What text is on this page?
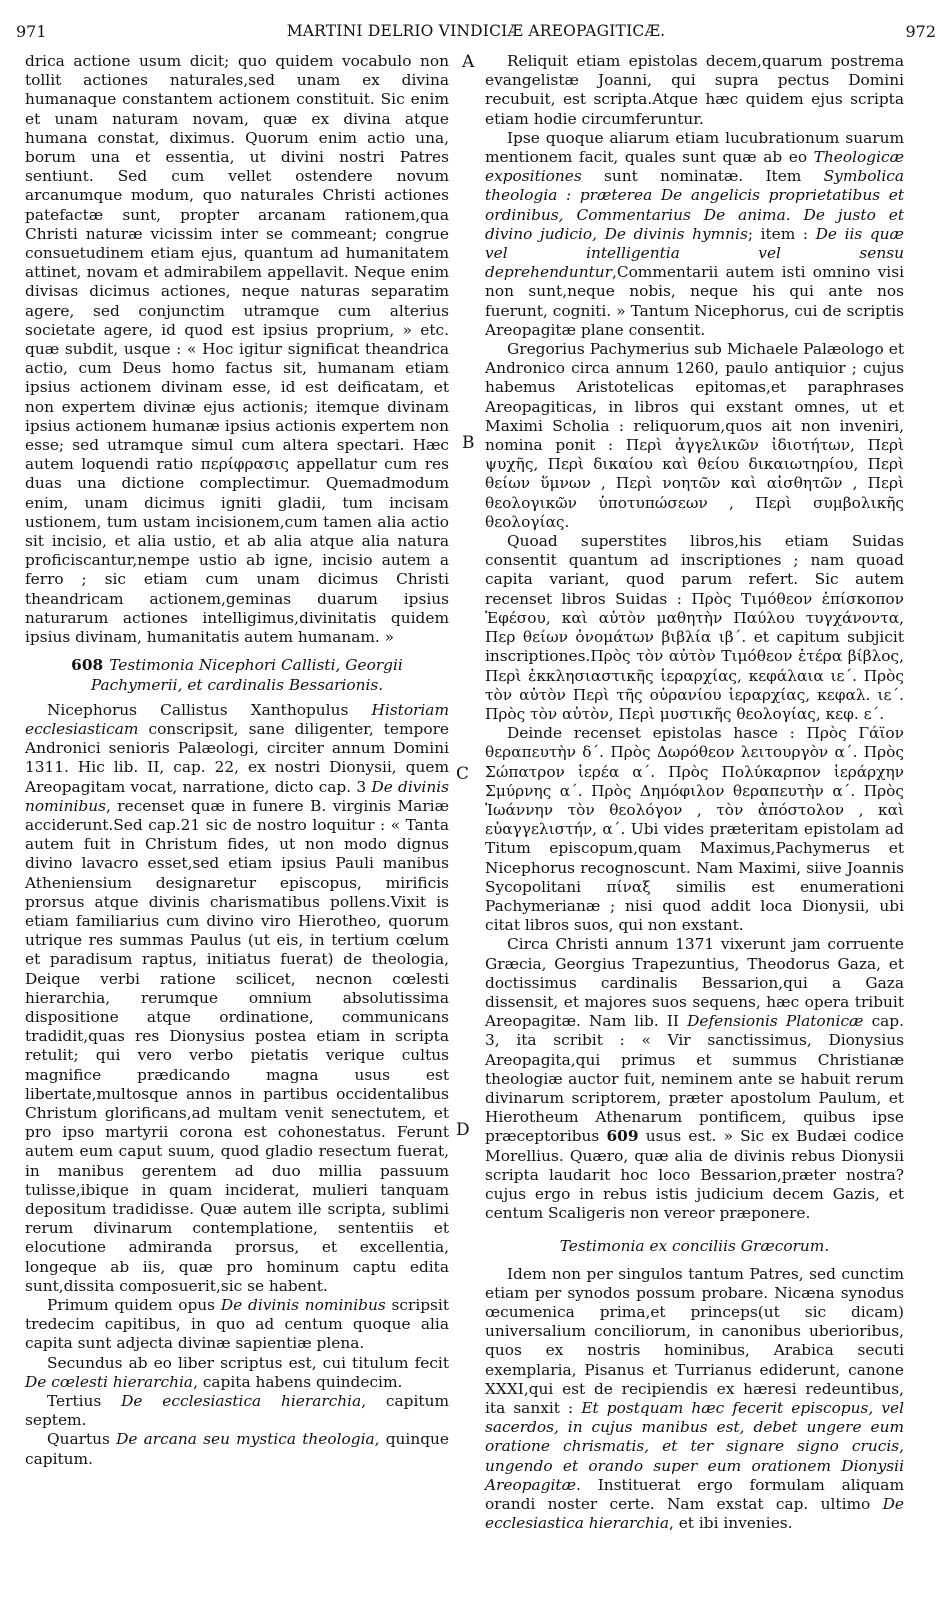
971	MARTINI DELRIO VINDICIÆ AREOPAGITICÆ.	972
A
B
C
D

drica actione usum dicit; quo quidem vocabulo non tollit actiones naturales,sed unam ex divina humanaque constantem actionem constituit. Sic enim et unam naturam novam, quæ ex divina atque humana constat, diximus. Quorum enim actio una, borum una et essentia, ut divini nostri Patres sentiunt. Sed cum vellet ostendere novum arcanumque modum, quo naturales Christi actiones patefactæ sunt, propter arcanam rationem,qua Christi naturæ vicissim inter se commeant; congrue consuetudinem etiam ejus, quantum ad humanitatem attinet, novam et admirabilem appellavit. Neque enim divisas dicimus actiones, neque naturas separatim agere, sed conjunctim utramque cum alterius societate agere, id quod est ipsius proprium, » etc. quæ subdit, usque : « Hoc igitur significat theandrica actio, cum Deus homo factus sit, humanam etiam ipsius actionem divinam esse, id est deificatam, et non expertem divinæ ejus actionis; itemque divinam ipsius actionem humanæ ipsius actionis expertem non esse; sed utramque simul cum altera spectari. Hæc autem loquendi ratio περίφρασις appellatur cum res duas una dictione complectimur. Quemadmodum enim, unam dicimus igniti gladii, tum incisam ustionem, tum ustam incisionem,cum tamen alia actio sit incisio, et alia ustio, et ab alia atque alia natura proficiscantur,nempe ustio ab igne, incisio autem a ferro ; sic etiam cum unam dicimus Christi theandricam actionem,geminas duarum ipsius naturarum actiones intelligimus,divinitatis quidem ipsius divinam, humanitatis autem humanam. »

608 Testimonia Nicephori Callisti, Georgii Pachymerii, et cardinalis Bessarionis.

Nicephorus Callistus Xanthopulus Historiam ecclesiasticam conscripsit, sane diligenter, tempore Andronici senioris Palæologi, circiter annum Domini 1311. Hic lib. II, cap. 22, ex nostri Dionysii, quem Areopagitam vocat, narratione, dicto cap. 3 De divinis nominibus, recenset quæ in funere B. virginis Mariæ acciderunt.Sed cap.21 sic de nostro loquitur : « Tanta autem fuit in Christum fides, ut non modo dignus divino lavacro esset,sed etiam ipsius Pauli manibus Atheniensium designaretur episcopus, mirificis prorsus atque divinis charismatibus pollens.Vixit is etiam familiarius cum divino viro Hierotheo, quorum utrique res summas Paulus (ut eis, in tertium cœlum et paradisum raptus, initiatus fuerat) de theologia, Deique verbi ratione scilicet, necnon cœlesti hierarchia, rerumque omnium absolutissima dispositione atque ordinatione, communicans tradidit,quas res Dionysius postea etiam in scripta retulit; qui vero verbo pietatis verique cultus magnifice prædicando magna usus est libertate,multosque annos in partibus occidentalibus Christum glorificans,ad multam venit senectutem, et pro ipso martyrii corona est cohonestatus. Ferunt autem eum caput suum, quod gladio resectum fuerat, in manibus gerentem ad duo millia passuum tulisse,ibique in quam inciderat, mulieri tanquam depositum tradidisse. Quæ autem ille scripta, sublimi rerum divinarum contemplatione, sententiis et elocutione admiranda prorsus, et excellentia, longeque ab iis, quæ pro hominum captu edita sunt,dissita composuerit,sic se habent.

Primum quidem opus De divinis nominibus scripsit tredecim capitibus, in quo ad centum quoque alia capita sunt adjecta divinæ sapientiæ plena.

Secundus ab eo liber scriptus est, cui titulum fecit De cœlesti hierarchia, capita habens quindecim.

Tertius De ecclesiastica hierarchia, capitum septem.

Quartus De arcana seu mystica theologia, quinque capitum.

Reliquit etiam epistolas decem,quarum postrema evangelistæ Joanni, qui supra pectus Domini recubuit, est scripta.Atque hæc quidem ejus scripta etiam hodie circumferuntur.

Ipse quoque aliarum etiam lucubrationum suarum mentionem facit, quales sunt quæ ab eo Theologicæ expositiones sunt nominatæ. Item Symbolica theologia : præterea De angelicis proprietatibus et ordinibus, Commentarius De anima. De justo et divino judicio, De divinis hymnis; item : De iis quæ vel intelligentia vel sensu deprehenduntur,Commentarii autem isti omnino visi non sunt,neque nobis, neque his qui ante nos fuerunt, cogniti. » Tantum Nicephorus, cui de scriptis Areopagitæ plane consentit.

Gregorius Pachymerius sub Michaele Palæologo et Andronico circa annum 1260, paulo antiquior ; cujus habemus Aristotelicas epitomas,et paraphrases Areopagiticas, in libros qui exstant omnes, ut et Maximi Scholia : reliquorum,quos ait non inveniri, nomina ponit : Περὶ ἀγγελικῶν ἰδιοτήτων, Περὶ ψυχῆς, Περὶ δικαίου καὶ θείου δικαιωτηρίου, Περὶ θείων ὕμνων , Περὶ νοητῶν καὶ αἰσθητῶν , Περὶ θεολογικῶν ὑποτυπώσεων , Περὶ συμβολικῆς θεολογίας.

Quoad superstites libros,his etiam Suidas consentit quantum ad inscriptiones ; nam quoad capita variant, quod parum refert. Sic autem recenset libros Suidas : Πρὸς Τιμόθεον ἐπίσκοπον Ἐφέσου, καὶ αὐτὸν μαθητὴν Παύλου τυγχάνοντα, Περ θείων ὀνομάτων βιβλία ιβ΄. et capitum subjicit inscriptiones.Πρὸς τὸν αὐτὸν Τιμόθεον ἑτέρα βίβλος, Περὶ ἐκκλησιαστικῆς ἱεραρχίας, κεφάλαια ιε΄. Πρὸς τὸν αὐτὸν Περὶ τῆς οὐρανίου ἱεραρχίας, κεφαλ. ιε΄. Πρὸς τὸν αὐτὸν, Περὶ μυστικῆς θεολογίας, κεφ. ε΄.

Deinde recenset epistolas hasce : Πρὸς Γάϊον θεραπευτὴν δ΄. Πρὸς Δωρόθεον λειτουργὸν α΄. Πρὸς Σώπατρον ἱερέα α΄. Πρὸς Πολύκαρπον ἱεράρχην Σμύρνης α΄. Πρὸς Δημόφιλον θεραπευτὴν α΄. Πρὸς Ἰωάννην τὸν θεολόγον , τὸν ἀπόστολον , καὶ εὐαγγελιστήν, α΄. Ubi vides præteritam epistolam ad Titum episcopum,quam Maximus,Pachymerus et Nicephorus recognoscunt. Nam Maximi, siive Joannis Sycopolitani πίναξ similis est enumerationi Pachymerianæ ; nisi quod addit loca Dionysii, ubi citat libros suos, qui non exstant.

Circa Christi annum 1371 vixerunt jam corruente Græcia, Georgius Trapezuntius, Theodorus Gaza, et doctissimus cardinalis Bessarion,qui a Gaza dissensit, et majores suos sequens, hæc opera tribuit Areopagitæ. Nam lib. II Defensionis Platonicæ cap. 3, ita scribit : « Vir sanctissimus, Dionysius Areopagita,qui primus et summus Christianæ theologiæ auctor fuit, neminem ante se habuit rerum divinarum scriptorem, præter apostolum Paulum, et Hierotheum Athenarum pontificem, quibus ipse præceptoribus 609 usus est. » Sic ex Budæi codice Morellius. Quæro, quæ alia de divinis rebus Dionysii scripta laudarit hoc loco Bessarion,præter nostra? cujus ergo in rebus istis judicium decem Gazis, et centum Scaligeris non vereor præponere.

Testimonia ex conciliis Græcorum.

Idem non per singulos tantum Patres, sed cunctim etiam per synodos possum probare. Nicæna synodus œcumenica prima,et princeps(ut sic dicam) universalium conciliorum, in canonibus uberioribus, quos ex nostris hominibus, Arabica secuti exemplaria, Pisanus et Turrianus ediderunt, canone XXXI,qui est de recipiendis ex hæresi redeuntibus, ita sanxit : Et postquam hæc fecerit episcopus, vel sacerdos, in cujus manibus est, debet ungere eum oratione chrismatis, et ter signare signo crucis, ungendo et orando super eum orationem Dionysii Areopagitæ. Instituerat ergo formulam aliquam orandi noster certe. Nam exstat cap. ultimo De ecclesiastica hierarchia, et ibi invenies.
